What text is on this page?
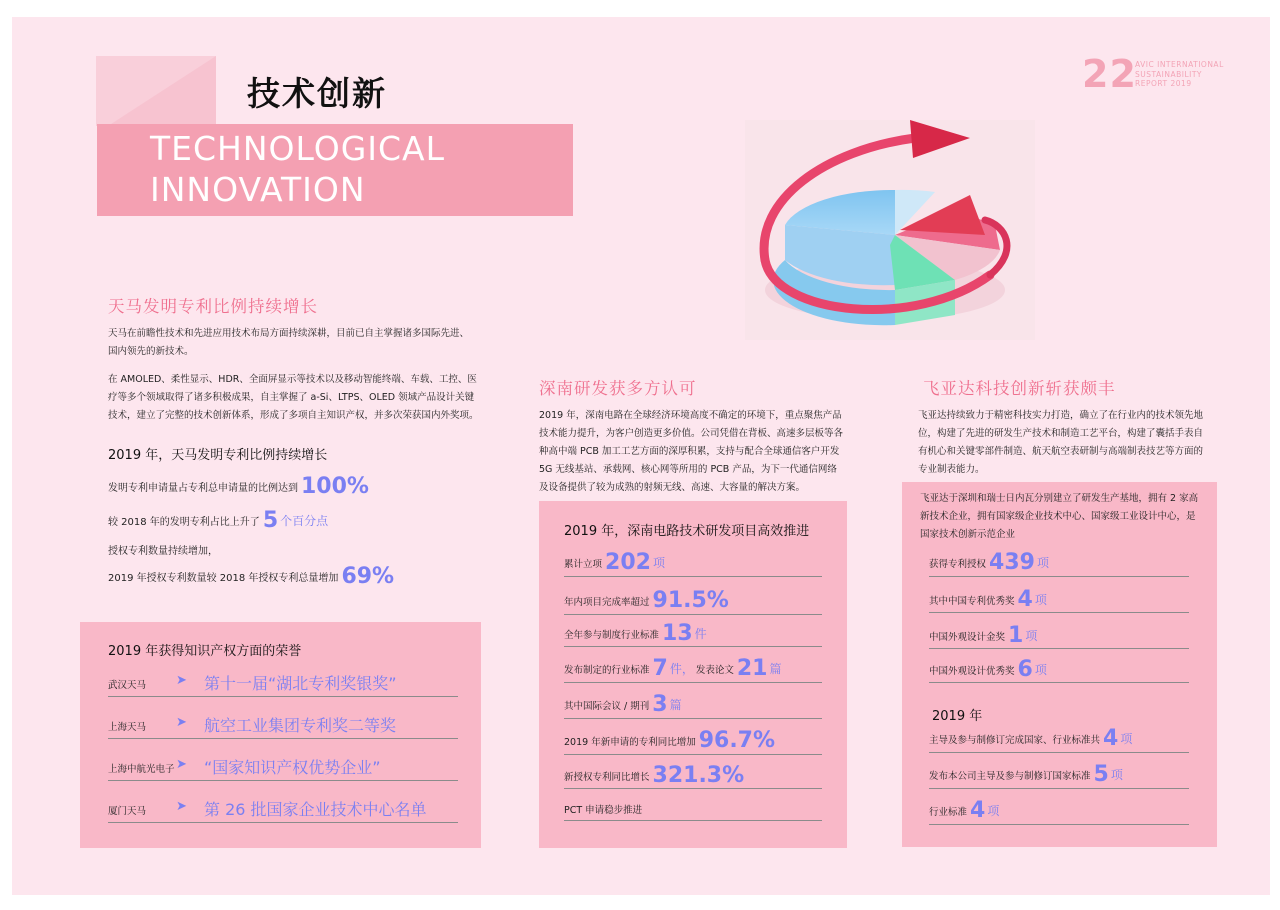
技术创新
TECHNOLOGICAL
INNOVATION
22
AVIC INTERNATIONAL
SUSTAINABILITY
REPORT 2019
天马发明专利比例持续增长
天马在前瞻性技术和先进应用技术布局方面持续深耕，目前已自主掌握诸多国际先进、国内领先的新技术。
在 AMOLED、柔性显示、HDR、全面屏显示等技术以及移动智能终端、车载、工控、医疗等多个领域取得了诸多积极成果，自主掌握了 a-Si、LTPS、OLED 领域产品设计关键技术，建立了完整的技术创新体系，形成了多项自主知识产权，并多次荣获国内外奖项。
2019 年，天马发明专利比例持续增长
发明专利申请量占专利总申请量的比例达到 100%
较 2018 年的发明专利占比上升了 5 个百分点
授权专利数量持续增加，
2019 年授权专利数量较 2018 年授权专利总量增加 69%
2019 年获得知识产权方面的荣誉
武汉天马 ➤ 第十一届“湖北专利奖银奖”
上海天马 ➤ 航空工业集团专利奖二等奖
上海中航光电子 ➤ “国家知识产权优势企业”
厦门天马 ➤ 第 26 批国家企业技术中心名单
深南研发获多方认可
2019 年，深南电路在全球经济环境高度不确定的环境下，重点聚焦产品技术能力提升，为客户创造更多价值。公司凭借在背板、高速多层板等各种高中端 PCB 加工工艺方面的深厚积累，支持与配合全球通信客户开发 5G 无线基站、承载网、核心网等所用的 PCB 产品，为下一代通信网络及设备提供了较为成熟的射频无线、高速、大容量的解决方案。
2019 年，深南电路技术研发项目高效推进
累计立项 202 项
年内项目完成率超过 91.5%
全年参与制度行业标准 13 件
发布制定的行业标准 7 件， 发表论文 21 篇
其中国际会议 / 期刊 3 篇
2019 年新申请的专利同比增加 96.7%
新授权专利同比增长 321.3%
PCT 申请稳步推进
飞亚达科技创新斩获颇丰
飞亚达持续致力于精密科技实力打造，确立了在行业内的技术领先地位，构建了先进的研发生产技术和制造工艺平台，构建了囊括手表自有机心和关键零部件制造、航天航空表研制与高端制表技艺等方面的专业制表能力。
飞亚达于深圳和瑞士日内瓦分别建立了研发生产基地，拥有 2 家高新技术企业，拥有国家级企业技术中心、国家级工业设计中心，是国家技术创新示范企业
获得专利授权 439 项
其中中国专利优秀奖 4 项
中国外观设计金奖 1 项
中国外观设计优秀奖 6 项
2019 年
主导及参与制修订完成国家、行业标准共 4 项
发布本公司主导及参与制修订国家标准 5 项
行业标准 4 项
